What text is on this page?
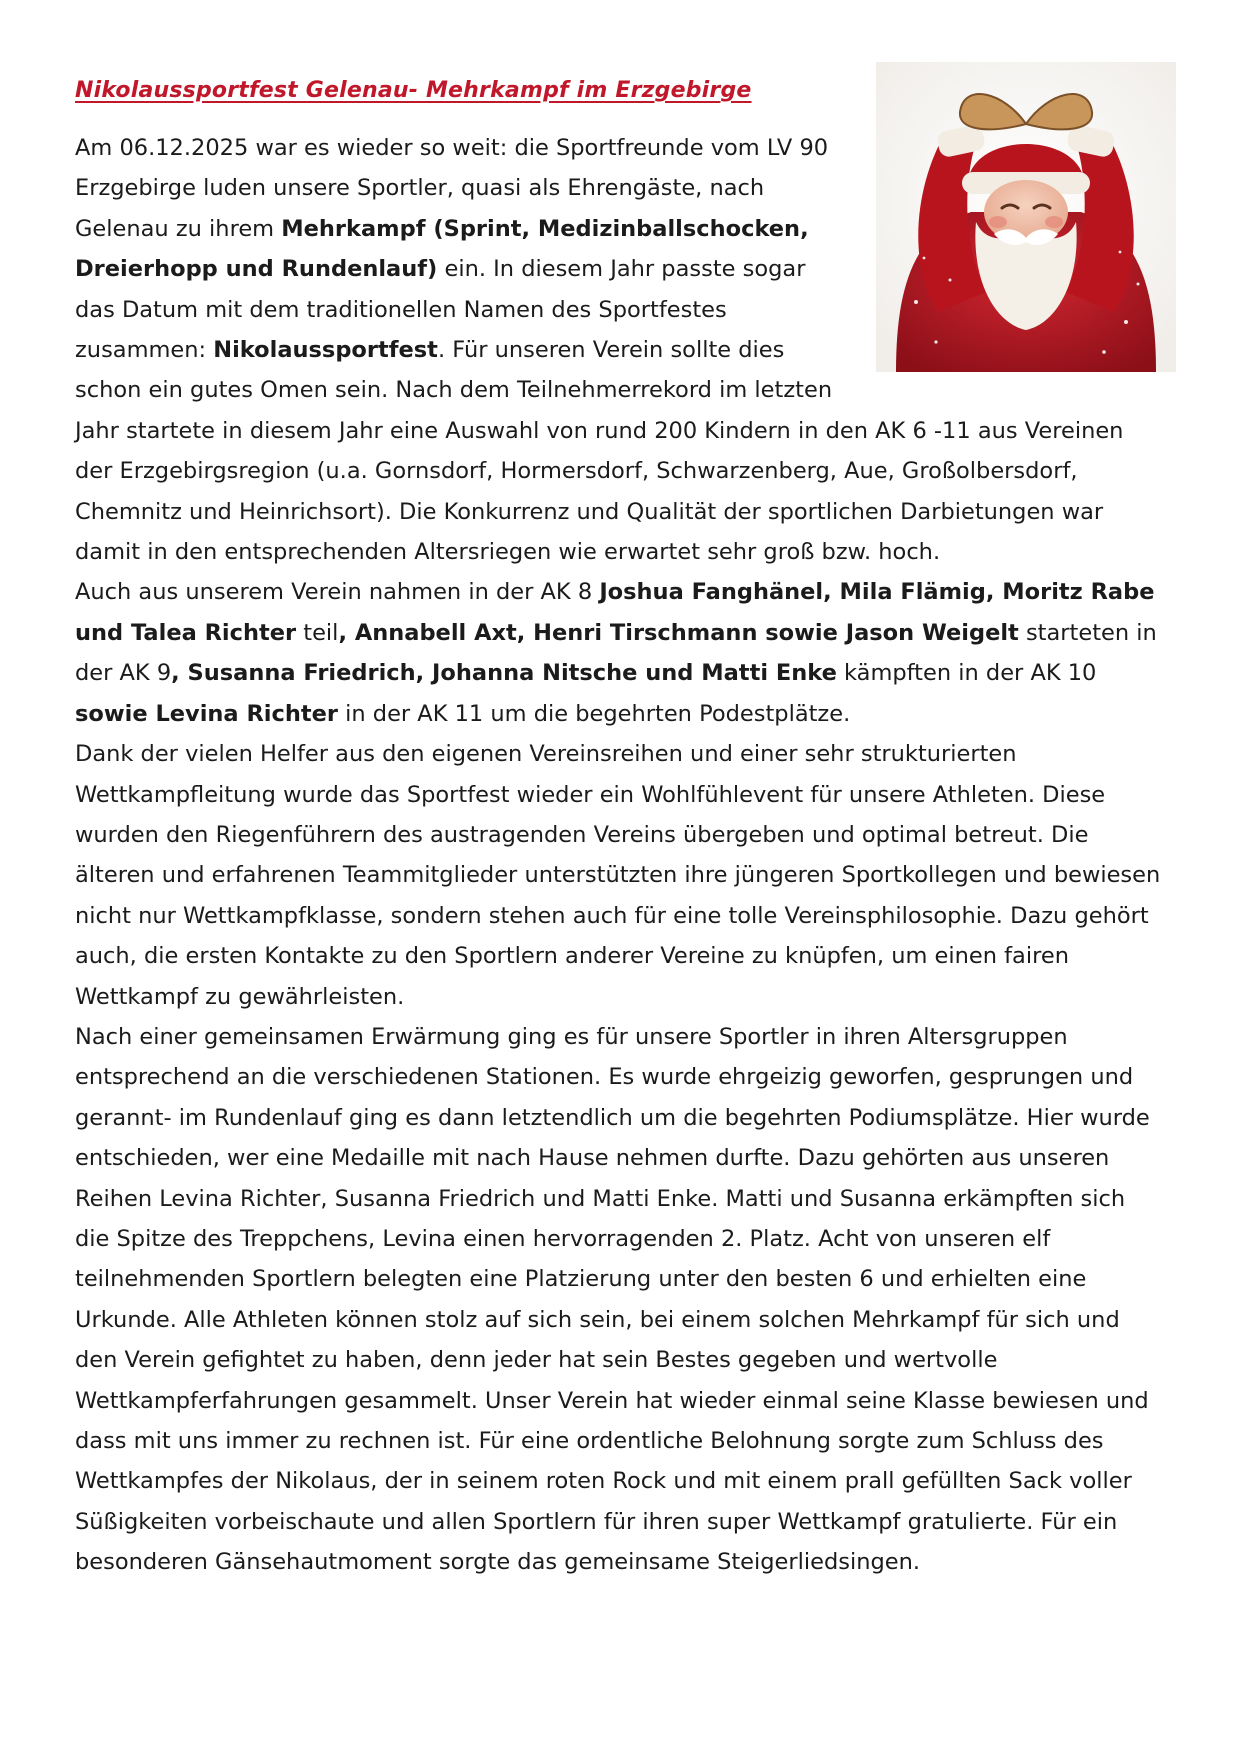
Nikolaussportfest Gelenau- Mehrkampf im Erzgebirge

Am 06.12.2025 war es wieder so weit: die Sportfreunde vom LV 90 Erzgebirge luden unsere Sportler, quasi als Ehrengäste, nach Gelenau zu ihrem Mehrkampf (Sprint, Medizinballschocken, Dreierhopp und Rundenlauf) ein. In diesem Jahr passte sogar das Datum mit dem traditionellen Namen des Sportfestes zusammen: Nikolaussportfest. Für unseren Verein sollte dies schon ein gutes Omen sein. Nach dem Teilnehmerrekord im letzten Jahr startete in diesem Jahr eine Auswahl von rund 200 Kindern in den AK 6 -11 aus Vereinen der Erzgebirgsregion (u.a. Gornsdorf, Hormersdorf, Schwarzenberg, Aue, Großolbersdorf, Chemnitz und Heinrichsort). Die Konkurrenz und Qualität der sportlichen Darbietungen war damit in den entsprechenden Altersriegen wie erwartet sehr groß bzw. hoch.

Auch aus unserem Verein nahmen in der AK 8 Joshua Fanghänel, Mila Flämig, Moritz Rabe und Talea Richter teil, Annabell Axt, Henri Tirschmann sowie Jason Weigelt starteten in der AK 9, Susanna Friedrich, Johanna Nitsche und Matti Enke kämpften in der AK 10 sowie Levina Richter in der AK 11 um die begehrten Podestplätze.

Dank der vielen Helfer aus den eigenen Vereinsreihen und einer sehr strukturierten Wettkampfleitung wurde das Sportfest wieder ein Wohlfühlevent für unsere Athleten. Diese wurden den Riegenführern des austragenden Vereins übergeben und optimal betreut. Die älteren und erfahrenen Teammitglieder unterstützten ihre jüngeren Sportkollegen und bewiesen nicht nur Wettkampfklasse, sondern stehen auch für eine tolle Vereinsphilosophie. Dazu gehört auch, die ersten Kontakte zu den Sportlern anderer Vereine zu knüpfen, um einen fairen Wettkampf zu gewährleisten.

Nach einer gemeinsamen Erwärmung ging es für unsere Sportler in ihren Altersgruppen entsprechend an die verschiedenen Stationen. Es wurde ehrgeizig geworfen, gesprungen und gerannt- im Rundenlauf ging es dann letztendlich um die begehrten Podiumsplätze. Hier wurde entschieden, wer eine Medaille mit nach Hause nehmen durfte. Dazu gehörten aus unseren Reihen Levina Richter, Susanna Friedrich und Matti Enke. Matti und Susanna erkämpften sich die Spitze des Treppchens, Levina einen hervorragenden 2. Platz. Acht von unseren elf teilnehmenden Sportlern belegten eine Platzierung unter den besten 6 und erhielten eine Urkunde. Alle Athleten können stolz auf sich sein, bei einem solchen Mehrkampf für sich und den Verein gefightet zu haben, denn jeder hat sein Bestes gegeben und wertvolle Wettkampferfahrungen gesammelt. Unser Verein hat wieder einmal seine Klasse bewiesen und dass mit uns immer zu rechnen ist. Für eine ordentliche Belohnung sorgte zum Schluss des Wettkampfes der Nikolaus, der in seinem roten Rock und mit einem prall gefüllten Sack voller Süßigkeiten vorbeischaute und allen Sportlern für ihren super Wettkampf gratulierte. Für ein besonderen Gänsehautmoment sorgte das gemeinsame Steigerliedsingen.
